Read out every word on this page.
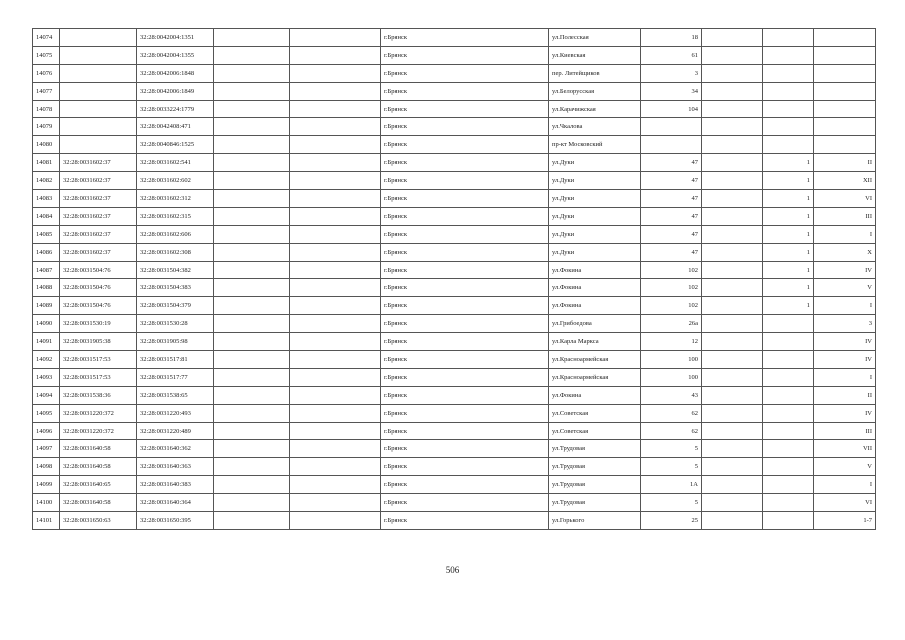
14074		32:28:0042004:1351			г.Брянск	ул.Полесская	18			
14075		32:28:0042004:1355			г.Брянск	ул.Киевская	61			
14076		32:28:0042006:1848			г.Брянск	пер. Литейщиков	3			
14077		32:28:0042006:1849			г.Брянск	ул.Белорусская	34			
14078		32:28:0033224:1779			г.Брянск	ул.Карачижская	104			
14079		32:28:0042408:471			г.Брянск	ул.Чкалова				
14080		32:28:0040846:1525			г.Брянск	пр-кт Московский				
14081	32:28:0031602:37	32:28:0031602:541			г.Брянск	ул.Дуки	47		1	II
14082	32:28:0031602:37	32:28:0031602:602			г.Брянск	ул.Дуки	47		1	XII
14083	32:28:0031602:37	32:28:0031602:312			г.Брянск	ул.Дуки	47		1	VI
14084	32:28:0031602:37	32:28:0031602:315			г.Брянск	ул.Дуки	47		1	III
14085	32:28:0031602:37	32:28:0031602:606			г.Брянск	ул.Дуки	47		1	I
14086	32:28:0031602:37	32:28:0031602:308			г.Брянск	ул.Дуки	47		1	X
14087	32:28:0031504:76	32:28:0031504:382			г.Брянск	ул.Фокина	102		1	IV
14088	32:28:0031504:76	32:28:0031504:383			г.Брянск	ул.Фокина	102		1	V
14089	32:28:0031504:76	32:28:0031504:379			г.Брянск	ул.Фокина	102		1	I
14090	32:28:0031530:19	32:28:0031530:28			г.Брянск	ул.Грибоедова	26а			3
14091	32:28:0031905:38	32:28:0031905:98			г.Брянск	ул.Карла Маркса	12			IV
14092	32:28:0031517:53	32:28:0031517:81			г.Брянск	ул.Красноармейская	100			IV
14093	32:28:0031517:53	32:28:0031517:77			г.Брянск	ул.Красноармейская	100			I
14094	32:28:0031538:36	32:28:0031538:65			г.Брянск	ул.Фокина	43			II
14095	32:28:0031220:372	32:28:0031220:493			г.Брянск	ул.Советская	62			IV
14096	32:28:0031220:372	32:28:0031220:489			г.Брянск	ул.Советская	62			III
14097	32:28:0031640:58	32:28:0031640:362			г.Брянск	ул.Трудовая	5			VII
14098	32:28:0031640:58	32:28:0031640:363			г.Брянск	ул.Трудовая	5			V
14099	32:28:0031640:65	32:28:0031640:383			г.Брянск	ул.Трудовая	1А			I
14100	32:28:0031640:58	32:28:0031640:364			г.Брянск	ул.Трудовая	5			VI
14101	32:28:0031650:63	32:28:0031650:395			г.Брянск	ул.Горького	25			1-7
506
